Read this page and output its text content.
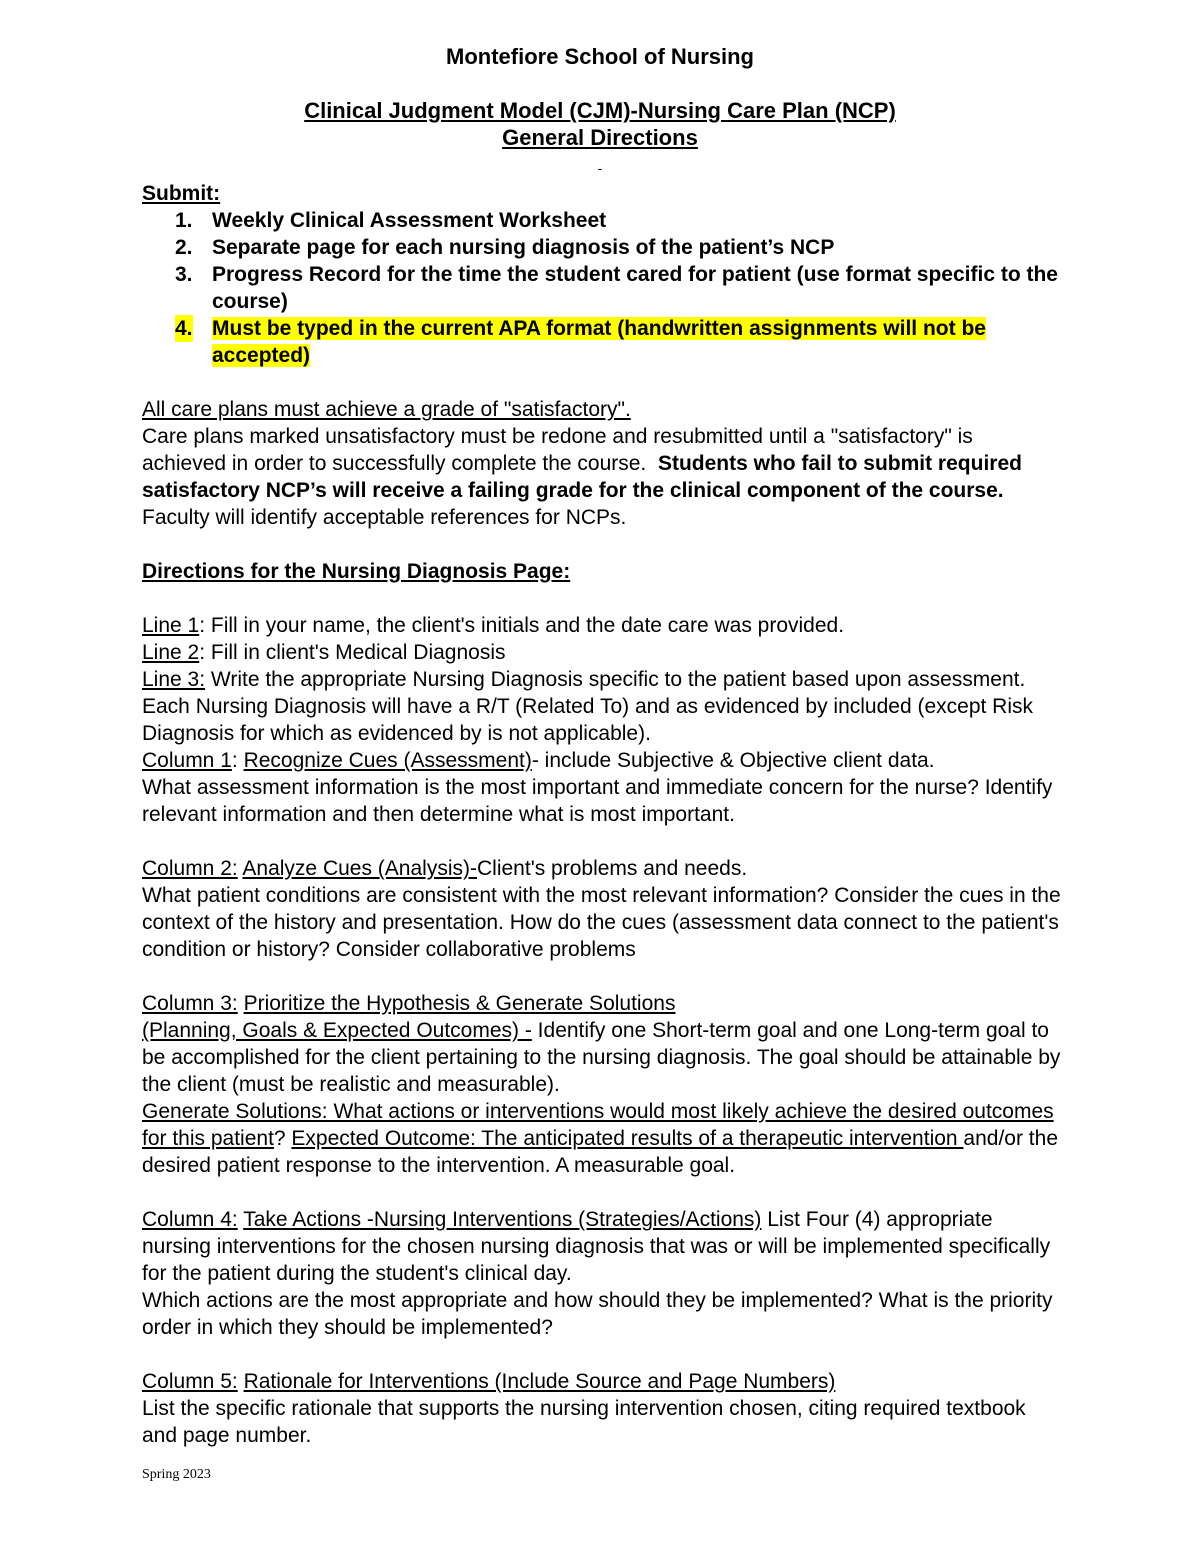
Montefiore School of Nursing
Clinical Judgment Model (CJM)-Nursing Care Plan (NCP)
General Directions
-
Submit:
1. Weekly Clinical Assessment Worksheet
2. Separate page for each nursing diagnosis of the patient’s NCP
3. Progress Record for the time the student cared for patient (use format specific to the course)
4. Must be typed in the current APA format (handwritten assignments will not be accepted)
All care plans must achieve a grade of "satisfactory".
Care plans marked unsatisfactory must be redone and resubmitted until a "satisfactory" is achieved in order to successfully complete the course. Students who fail to submit required satisfactory NCP’s will receive a failing grade for the clinical component of the course. Faculty will identify acceptable references for NCPs.
Directions for the Nursing Diagnosis Page:
Line 1: Fill in your name, the client's initials and the date care was provided.
Line 2: Fill in client's Medical Diagnosis
Line 3: Write the appropriate Nursing Diagnosis specific to the patient based upon assessment. Each Nursing Diagnosis will have a R/T (Related To) and as evidenced by included (except Risk Diagnosis for which as evidenced by is not applicable).
Column 1: Recognize Cues (Assessment)- include Subjective & Objective client data.
What assessment information is the most important and immediate concern for the nurse? Identify relevant information and then determine what is most important.
Column 2: Analyze Cues (Analysis)-Client's problems and needs.
What patient conditions are consistent with the most relevant information? Consider the cues in the context of the history and presentation. How do the cues (assessment data connect to the patient's condition or history? Consider collaborative problems
Column 3: Prioritize the Hypothesis & Generate Solutions
(Planning, Goals & Expected Outcomes) - Identify one Short-term goal and one Long-term goal to be accomplished for the client pertaining to the nursing diagnosis. The goal should be attainable by the client (must be realistic and measurable).
Generate Solutions: What actions or interventions would most likely achieve the desired outcomes for this patient? Expected Outcome: The anticipated results of a therapeutic intervention and/or the desired patient response to the intervention. A measurable goal.
Column 4: Take Actions -Nursing Interventions (Strategies/Actions) List Four (4) appropriate nursing interventions for the chosen nursing diagnosis that was or will be implemented specifically for the patient during the student's clinical day.
Which actions are the most appropriate and how should they be implemented? What is the priority order in which they should be implemented?
Column 5: Rationale for Interventions (Include Source and Page Numbers)
List the specific rationale that supports the nursing intervention chosen, citing required textbook and page number.
Spring 2023
